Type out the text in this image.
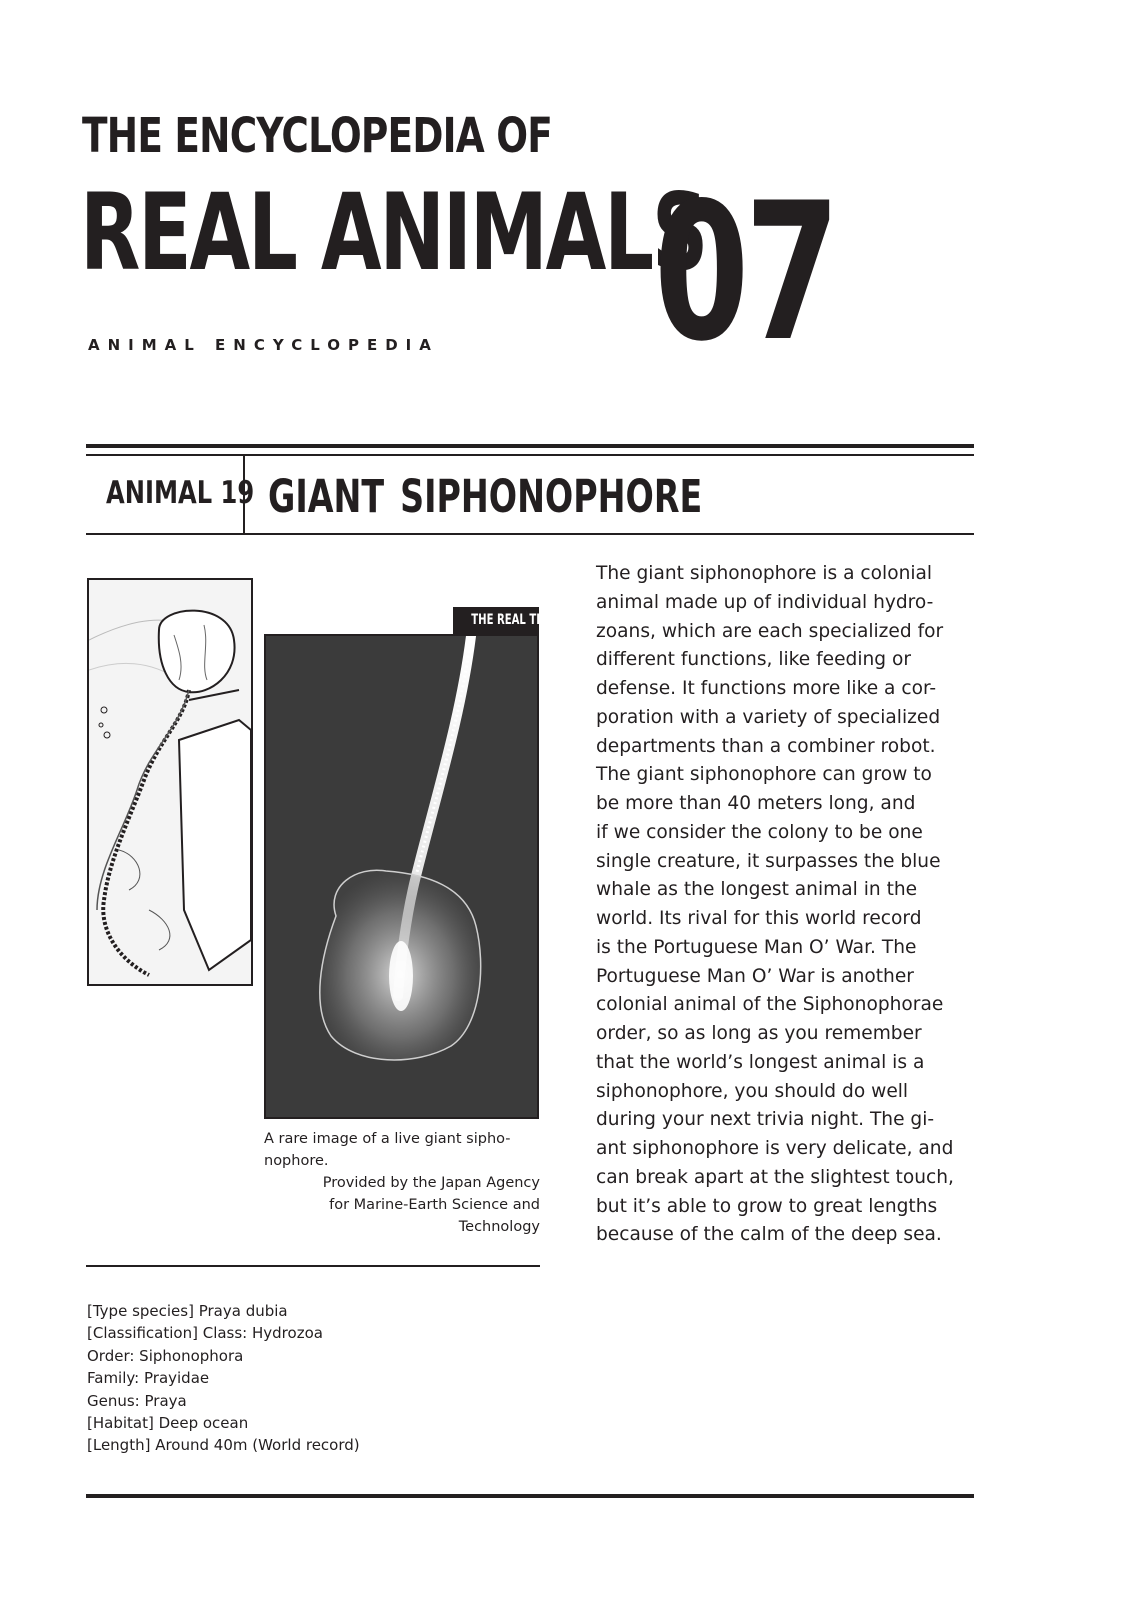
THE ENCYCLOPEDIA OF
REAL ANIMALS
07
ANIMAL ENCYCLOPEDIA
ANIMAL 19 GIANT SIPHONOPHORE
THE REAL THING
A rare image of a live giant sipho-
nophore.
Provided by the Japan Agency
for Marine-Earth Science and
Technology
The giant siphonophore is a colonial
animal made up of individual hydro-
zoans, which are each specialized for
different functions, like feeding or
defense. It functions more like a cor-
poration with a variety of specialized
departments than a combiner robot.
The giant siphonophore can grow to
be more than 40 meters long, and
if we consider the colony to be one
single creature, it surpasses the blue
whale as the longest animal in the
world. Its rival for this world record
is the Portuguese Man O’ War. The
Portuguese Man O’ War is another
colonial animal of the Siphonophorae
order, so as long as you remember
that the world’s longest animal is a
siphonophore, you should do well
during your next trivia night. The gi-
ant siphonophore is very delicate, and
can break apart at the slightest touch,
but it’s able to grow to great lengths
because of the calm of the deep sea.
[Type species] Praya dubia
[Classification] Class: Hydrozoa
Order: Siphonophora
Family: Prayidae
Genus: Praya
[Habitat] Deep ocean
[Length] Around 40m (World record)
